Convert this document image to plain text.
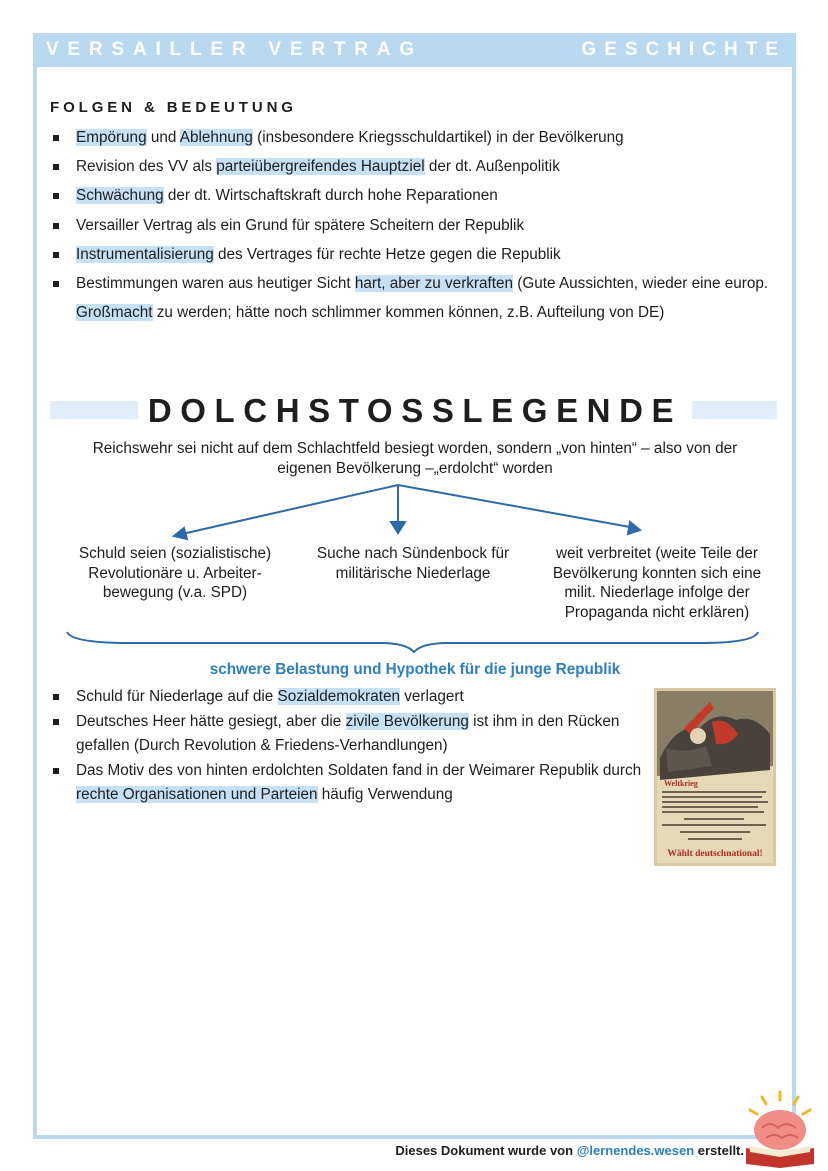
VERSAILLER VERTRAG	GESCHICHTE
FOLGEN & BEDEUTUNG
Empörung und Ablehnung (insbesondere Kriegsschuldartikel) in der Bevölkerung
Revision des VV als parteiübergreifendes Hauptziel der dt. Außenpolitik
Schwächung der dt. Wirtschaftskraft durch hohe Reparationen
Versailler Vertrag als ein Grund für spätere Scheitern der Republik
Instrumentalisierung des Vertrages für rechte Hetze gegen die Republik
Bestimmungen waren aus heutiger Sicht hart, aber zu verkraften (Gute Aussichten, wieder eine europ. Großmacht zu werden; hätte noch schlimmer kommen können, z.B. Aufteilung von DE)
DOLCHSTOSSLEGENDE
Reichswehr sei nicht auf dem Schlachtfeld besiegt worden, sondern „von hinten“ – also von der
eigenen Bevölkerung –„erdolcht“ worden
Schuld seien (sozialistische)
Revolutionäre u. Arbeiter-
bewegung (v.a. SPD)
Suche nach Sündenbock für
militärische Niederlage
weit verbreitet (weite Teile der
Bevölkerung konnten sich eine
milit. Niederlage infolge der
Propaganda nicht erklären)
schwere Belastung und Hypothek für die junge Republik
Schuld für Niederlage auf die Sozialdemokraten verlagert
Deutsches Heer hätte gesiegt, aber die zivile Bevölkerung ist ihm in den Rücken gefallen (Durch Revolution & Friedens-Verhandlungen)
Das Motiv des von hinten erdolchten Soldaten fand in der Weimarer Republik durch rechte Organisationen und Parteien häufig Verwendung
Weltkrieg
Wählt deutschnational!
Dieses Dokument wurde von @lernendes.wesen erstellt.
